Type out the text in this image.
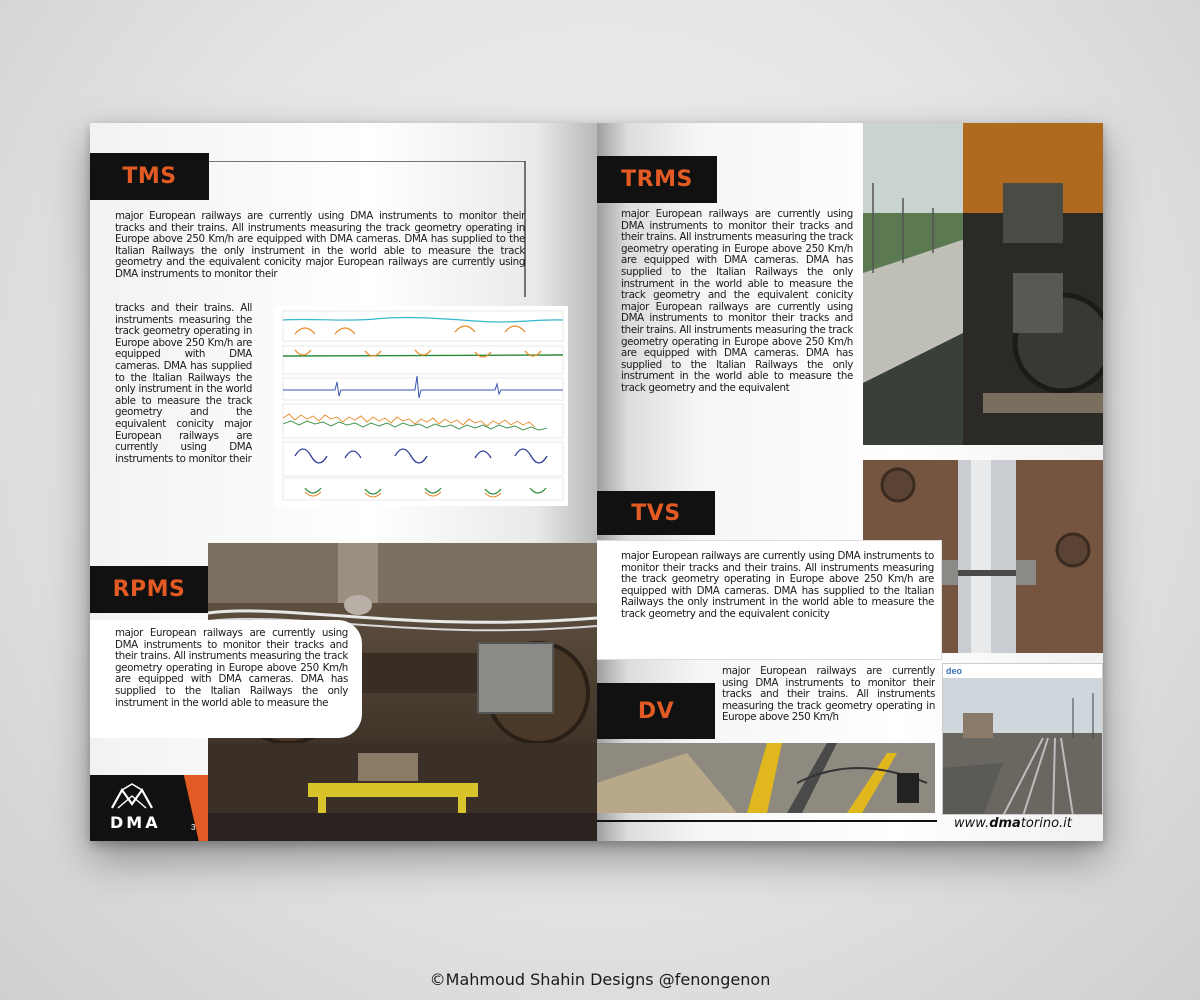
TMS
major European railways are currently using DMA instruments to monitor their tracks and their trains. All instruments measuring the track geometry operating in Europe above 250 Km/h are equipped with DMA cameras. DMA has supplied to the Italian Railways the only instrument in the world able to measure the track geometry and the equivalent conicity major European railways are currently using DMA instruments to monitor their
tracks and their trains. All instruments measuring the track geometry operating in Europe above 250 Km/h are equipped with DMA cameras. DMA has supplied to the Italian Railways the only instrument in the world able to measure the track geometry and the equivalent conicity major European railways are currently using DMA instruments to monitor their
RPMS
major European railways are currently using DMA instruments to monitor their tracks and their trains. All instruments measuring the track geometry operating in Europe above 250 Km/h are equipped with DMA cameras. DMA has supplied to the Italian Railways the only instrument in the world able to measure the
DMA	3
TRMS
major European railways are currently using DMA instruments to monitor their tracks and their trains. All instruments measuring the track geometry operating in Europe above 250 Km/h are equipped with DMA cameras. DMA has supplied to the Italian Railways the only instrument in the world able to measure the track geometry and the equivalent conicity major European railways are currently using DMA instruments to monitor their tracks and their trains. All instruments measuring the track geometry operating in Europe above 250 Km/h are equipped with DMA cameras. DMA has supplied to the Italian Railways the only instrument in the world able to measure the track geometry and the equivalent
TVS
major European railways are currently using DMA instruments to monitor their tracks and their trains. All instruments measuring the track geometry operating in Europe above 250 Km/h are equipped with DMA cameras. DMA has supplied to the Italian Railways the only instrument in the world able to measure the track geometry and the equivalent conicity
DV
major European railways are currently using DMA instruments to monitor their tracks and their trains. All instruments measuring the track geometry operating in Europe above 250 Km/h
deo
www.dmatorino.it
©Mahmoud Shahin Designs @fenongenon
